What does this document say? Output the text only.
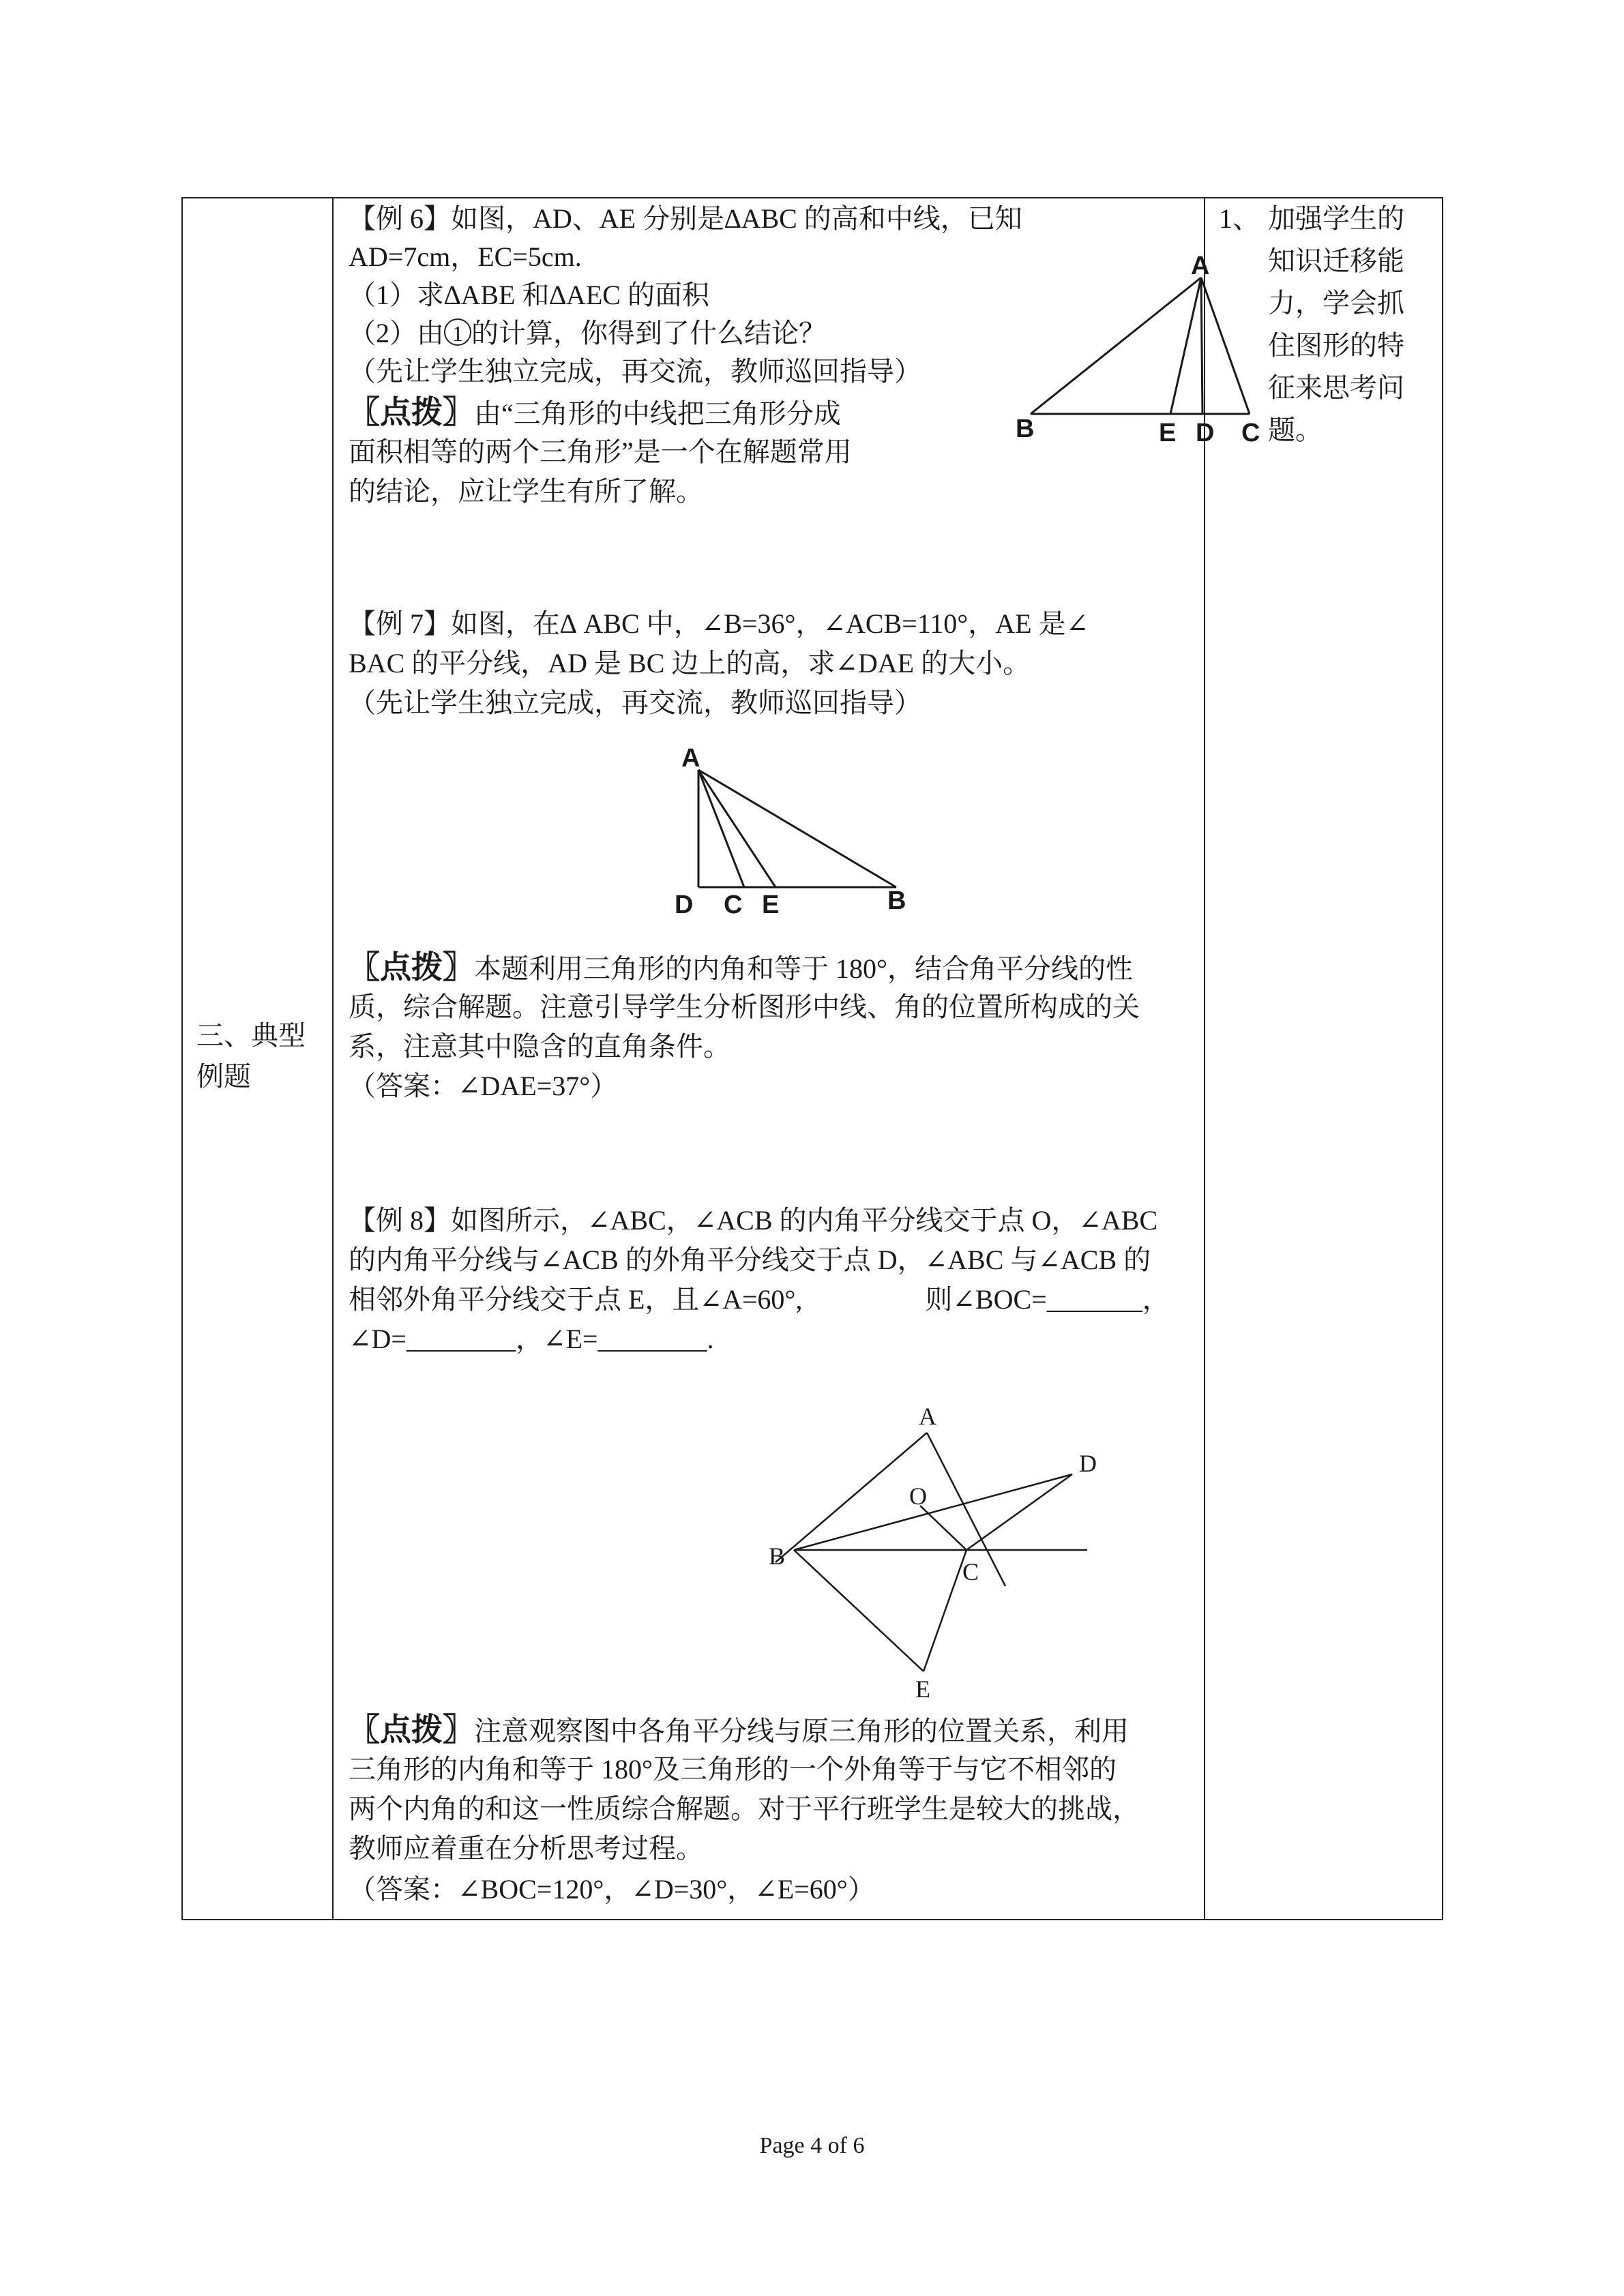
三、典型
例题
【例 6】如图，AD、AE 分别是∆ABC 的高和中线，已知
AD=7cm，EC=5cm.
（1）求∆ABE 和∆AEC 的面积
（2）由 1 的计算，你得到了什么结论？
（先让学生独立完成，再交流，教师巡回指导）
〖点拨〗由“三角形的中线把三角形分成
面积相等的两个三角形”是一个在解题常用
的结论，应让学生有所了解。
A
B	E D C
【例 7】如图，在∆ ABC 中，∠B=36°，∠ACB=110°，AE 是∠
BAC 的平分线，AD 是 BC 边上的高，求∠DAE 的大小。
（先让学生独立完成，再交流，教师巡回指导）
A
D C E	B
〖点拨〗本题利用三角形的内角和等于 180°，结合角平分线的性
质，综合解题。注意引导学生分析图形中线、角的位置所构成的关
系，注意其中隐含的直角条件。
（答案：∠DAE=37°）
【例 8】如图所示，∠ABC，∠ACB 的内角平分线交于点 O，∠ABC
的内角平分线与∠ACB 的外角平分线交于点 D，∠ABC 与∠ACB 的
相邻外角平分线交于点 E，且∠A=60°,	则∠BOC=_______，
∠D=________，∠E=________.
A
D
O
B
C
E
〖点拨〗注意观察图中各角平分线与原三角形的位置关系，利用
三角形的内角和等于 180°及三角形的一个外角等于与它不相邻的
两个内角的和这一性质综合解题。对于平行班学生是较大的挑战，
教师应着重在分析思考过程。
（答案：∠BOC=120°，∠D=30°，∠E=60°）
1、 加强学生的
知识迁移能
力，学会抓
住图形的特
征来思考问
题。
Page 4 of 6
